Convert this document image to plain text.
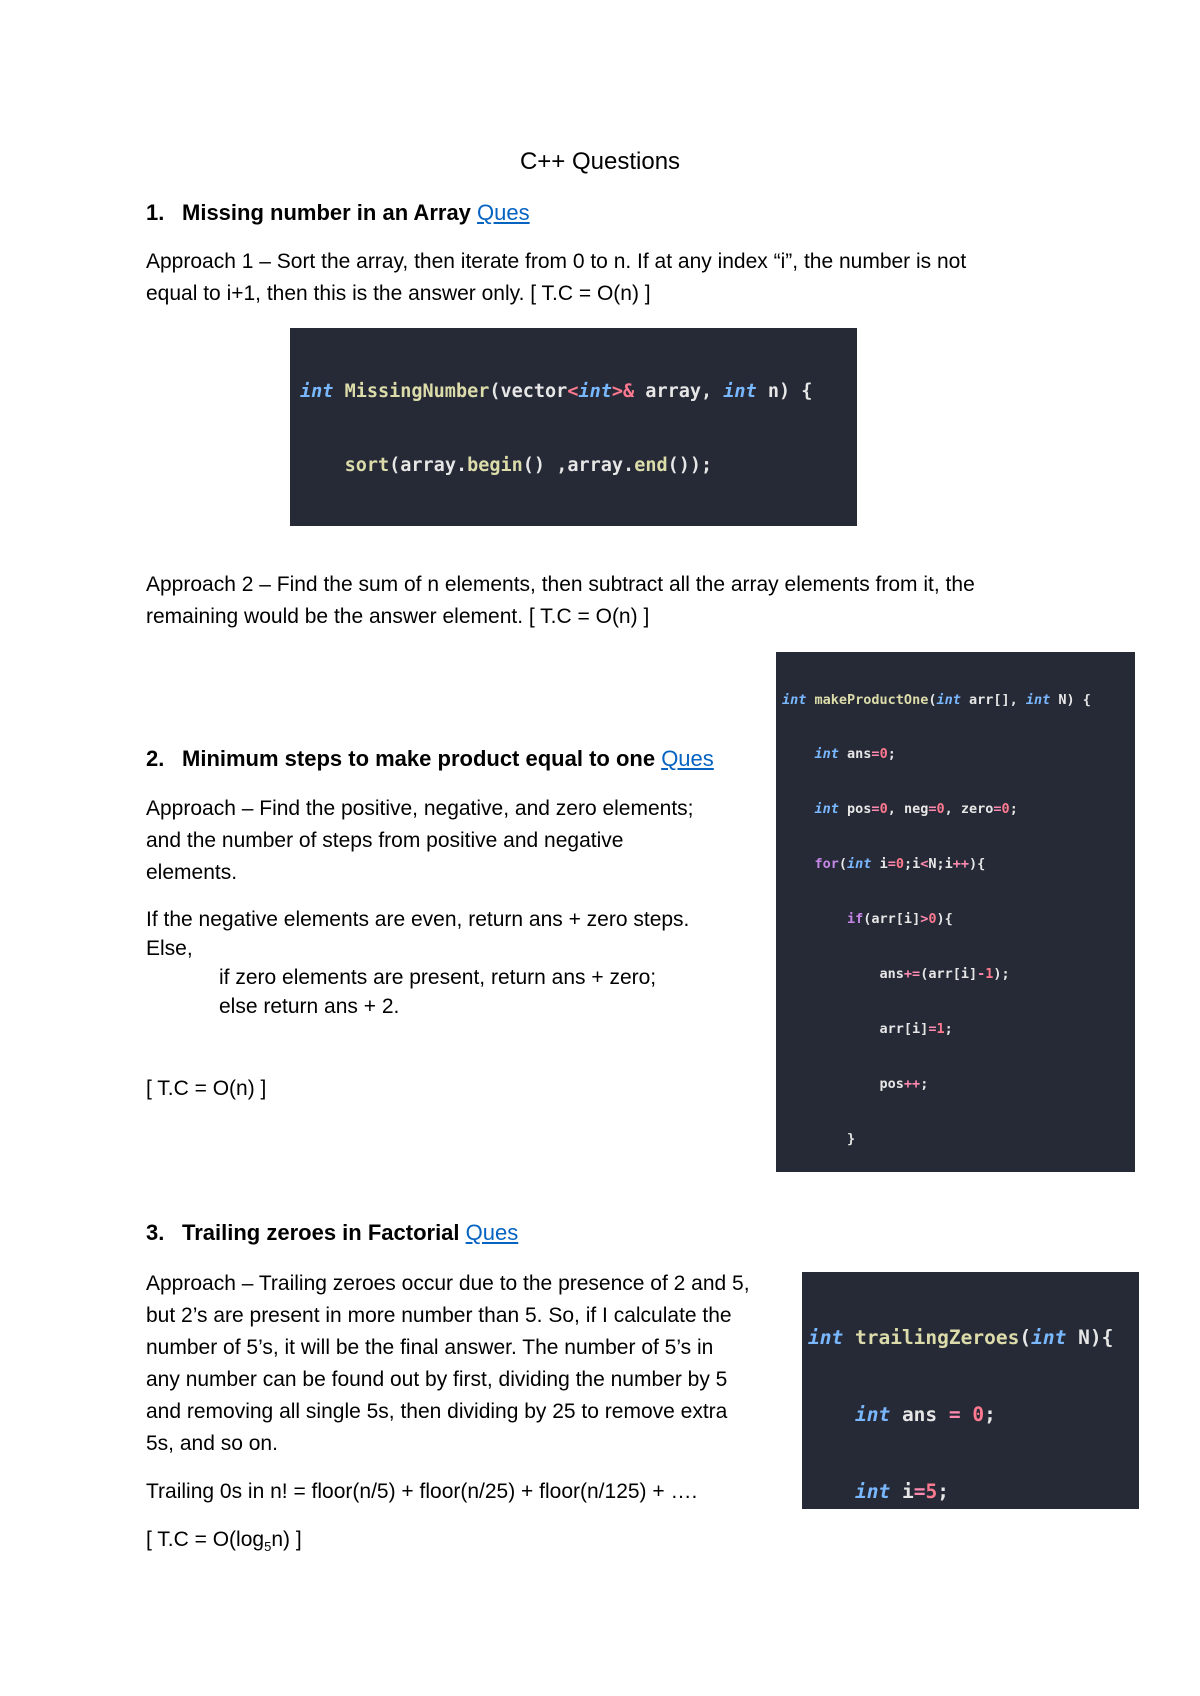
C++ Questions
1. Missing number in an Array Ques
Approach 1 – Sort the array, then iterate from 0 to n. If at any index “i”, the number is not
equal to i+1, then this is the answer only. [ T.C = O(n) ]

int MissingNumber(vector<int>& array, int n) {

sort(array.begin() ,array.end());

Approach 2 – Find the sum of n elements, then subtract all the array elements from it, the
remaining would be the answer element. [ T.C = O(n) ]

int makeProductOne(int arr[], int N) {

int ans=0;

int pos=0, neg=0, zero=0;

for(int i=0;i<N;i++){

if(arr[i]>0){

ans+=(arr[i]-1);

arr[i]=1;

pos++;

}

2. Minimum steps to make product equal to one Ques
Approach – Find the positive, negative, and zero elements;
and the number of steps from positive and negative
elements.
If the negative elements are even, return ans + zero steps.
Else,
if zero elements are present, return ans + zero;
else return ans + 2.
[ T.C = O(n) ]
3. Trailing zeroes in Factorial Ques
Approach – Trailing zeroes occur due to the presence of 2 and 5,
but 2’s are present in more number than 5. So, if I calculate the
number of 5’s, it will be the final answer. The number of 5’s in
any number can be found out by first, dividing the number by 5
and removing all single 5s, then dividing by 25 to remove extra
5s, and so on.
Trailing 0s in n! = floor(n/5) + floor(n/25) + floor(n/125) + ….
[ $T.C = O(\log_5n)$ ]

int trailingZeroes(int N){

int ans = 0;

int i=5;
